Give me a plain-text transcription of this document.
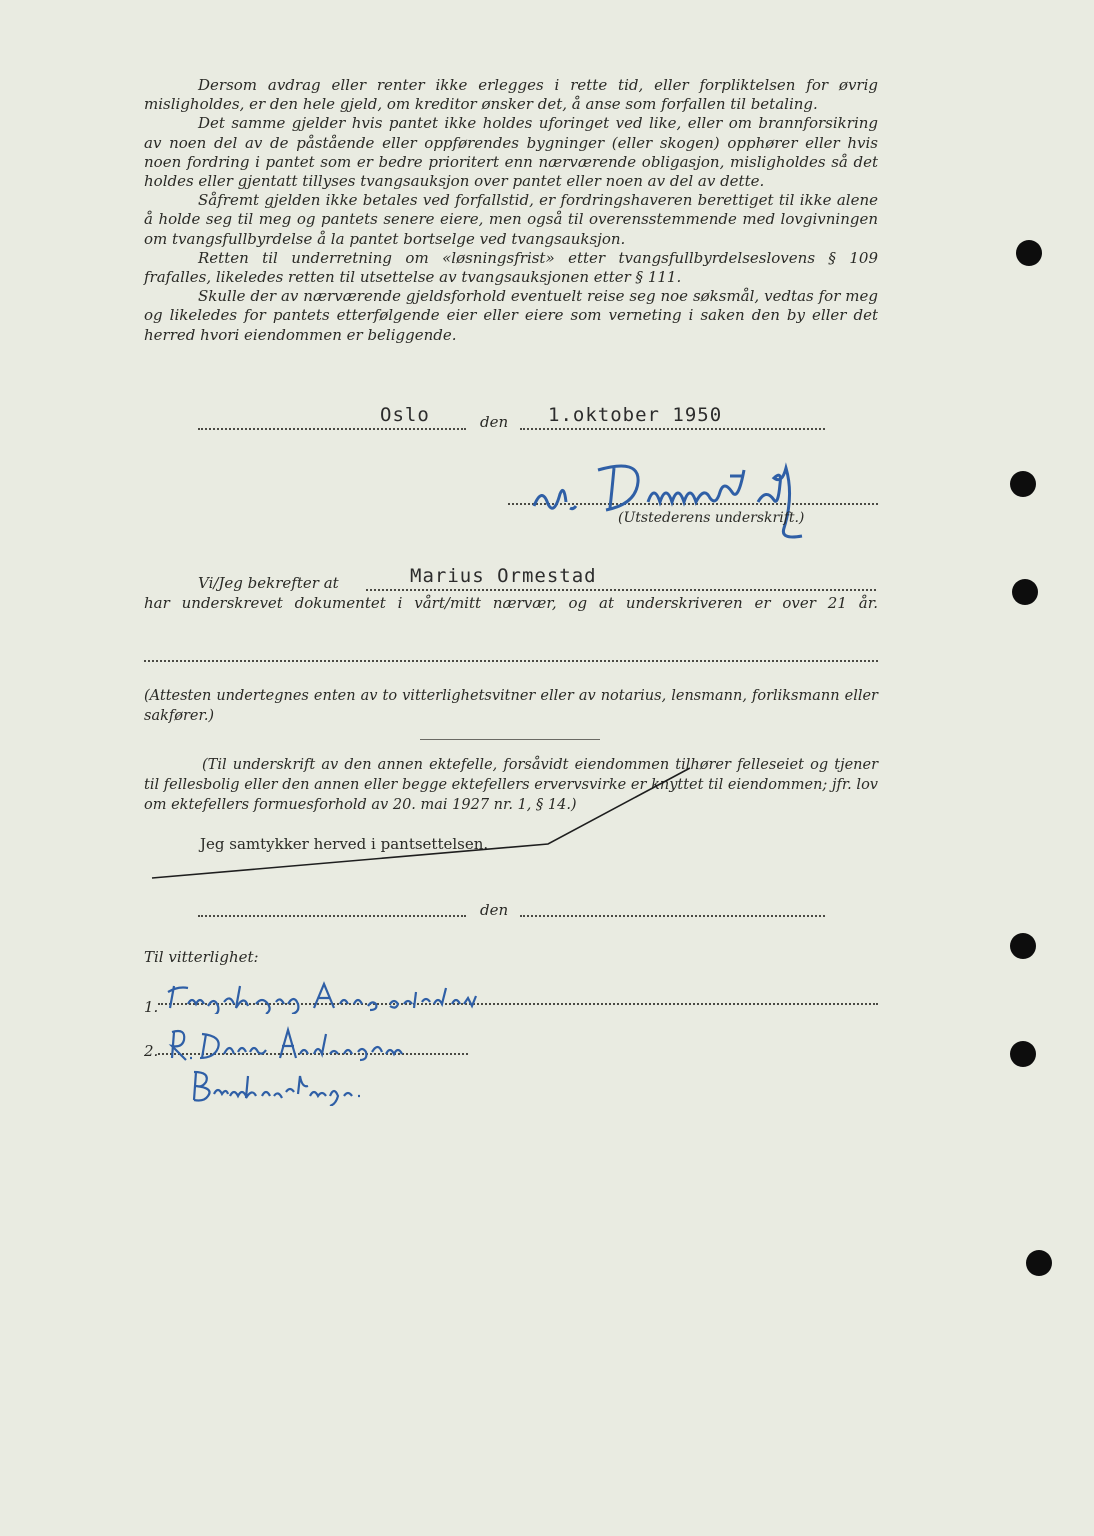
Dersom avdrag eller renter ikke erlegges i rette tid, eller forpliktelsen for øvrig misligholdes, er den hele gjeld, om kreditor ønsker det, å anse som forfallen til betaling.

Det samme gjelder hvis pantet ikke holdes uforinget ved like, eller om brannforsikring av noen del av de påstående eller oppførendes bygninger (eller skogen) opphører eller hvis noen fordring i pantet som er bedre prioritert enn nærværende obligasjon, misligholdes så det holdes eller gjentatt tillyses tvangsauksjon over pantet eller noen av del av dette.

Såfremt gjelden ikke betales ved forfallstid, er fordringshaveren berettiget til ikke alene å holde seg til meg og pantets senere eiere, men også til overensstemmende med lovgivningen om tvangsfullbyrdelse å la pantet bortselge ved tvangsauksjon.

Retten til underretning om «løsningsfrist» etter tvangsfullbyrdelseslovens § 109 frafalles, likeledes retten til utsettelse av tvangsauksjonen etter § 111.

Skulle der av nærværende gjeldsforhold eventuelt reise seg noe søksmål, vedtas for meg og likeledes for pantets etterfølgende eier eller eiere som verneting i saken den by eller det herred hvori eiendommen er beliggende.

Oslo	den 1.oktober 1950
(Utstederens underskrift.)
Vi/Jeg bekrefter at	Marius Ormestad
har underskrevet dokumentet i vårt/mitt nærvær, og at underskriveren er over 21 år.
(Attesten undertegnes enten av to vitterlighetsvitner eller av notarius, lensmann, forliksmann eller sakfører.)
(Til underskrift av den annen ektefelle, forsåvidt eiendommen tilhører felleseiet og tjener til fellesbolig eller den annen eller begge ektefellers ervervsvirke er knyttet til eiendommen; jfr. lov om ektefellers formuesforhold av 20. mai 1927 nr. 1, § 14.)
Jeg samtykker herved i pantsettelsen.
den
Til vitterlighet:
1.
2.
